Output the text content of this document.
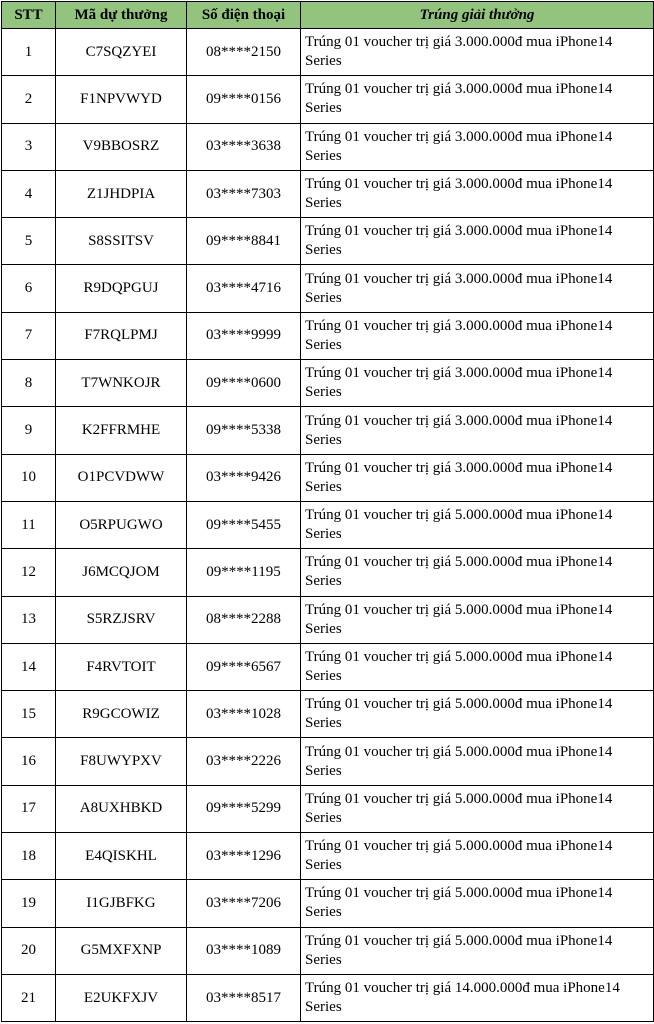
STT	Mã dự thưởng	Số điện thoại	Trúng giải thưởng
1	C7SQZYEI	08****2150	Trúng 01 voucher trị giá 3.000.000đ mua iPhone14 Series
2	F1NPVWYD	09****0156	Trúng 01 voucher trị giá 3.000.000đ mua iPhone14 Series
3	V9BBOSRZ	03****3638	Trúng 01 voucher trị giá 3.000.000đ mua iPhone14 Series
4	Z1JHDPIA	03****7303	Trúng 01 voucher trị giá 3.000.000đ mua iPhone14 Series
5	S8SSITSV	09****8841	Trúng 01 voucher trị giá 3.000.000đ mua iPhone14 Series
6	R9DQPGUJ	03****4716	Trúng 01 voucher trị giá 3.000.000đ mua iPhone14 Series
7	F7RQLPMJ	03****9999	Trúng 01 voucher trị giá 3.000.000đ mua iPhone14 Series
8	T7WNKOJR	09****0600	Trúng 01 voucher trị giá 3.000.000đ mua iPhone14 Series
9	K2FFRMHE	09****5338	Trúng 01 voucher trị giá 3.000.000đ mua iPhone14 Series
10	O1PCVDWW	03****9426	Trúng 01 voucher trị giá 3.000.000đ mua iPhone14 Series
11	O5RPUGWO	09****5455	Trúng 01 voucher trị giá 5.000.000đ mua iPhone14 Series
12	J6MCQJOM	09****1195	Trúng 01 voucher trị giá 5.000.000đ mua iPhone14 Series
13	S5RZJSRV	08****2288	Trúng 01 voucher trị giá 5.000.000đ mua iPhone14 Series
14	F4RVTOIT	09****6567	Trúng 01 voucher trị giá 5.000.000đ mua iPhone14 Series
15	R9GCOWIZ	03****1028	Trúng 01 voucher trị giá 5.000.000đ mua iPhone14 Series
16	F8UWYPXV	03****2226	Trúng 01 voucher trị giá 5.000.000đ mua iPhone14 Series
17	A8UXHBKD	09****5299	Trúng 01 voucher trị giá 5.000.000đ mua iPhone14 Series
18	E4QISKHL	03****1296	Trúng 01 voucher trị giá 5.000.000đ mua iPhone14 Series
19	I1GJBFKG	03****7206	Trúng 01 voucher trị giá 5.000.000đ mua iPhone14 Series
20	G5MXFXNP	03****1089	Trúng 01 voucher trị giá 5.000.000đ mua iPhone14 Series
21	E2UKFXJV	03****8517	Trúng 01 voucher trị giá 14.000.000đ mua iPhone14 Series
